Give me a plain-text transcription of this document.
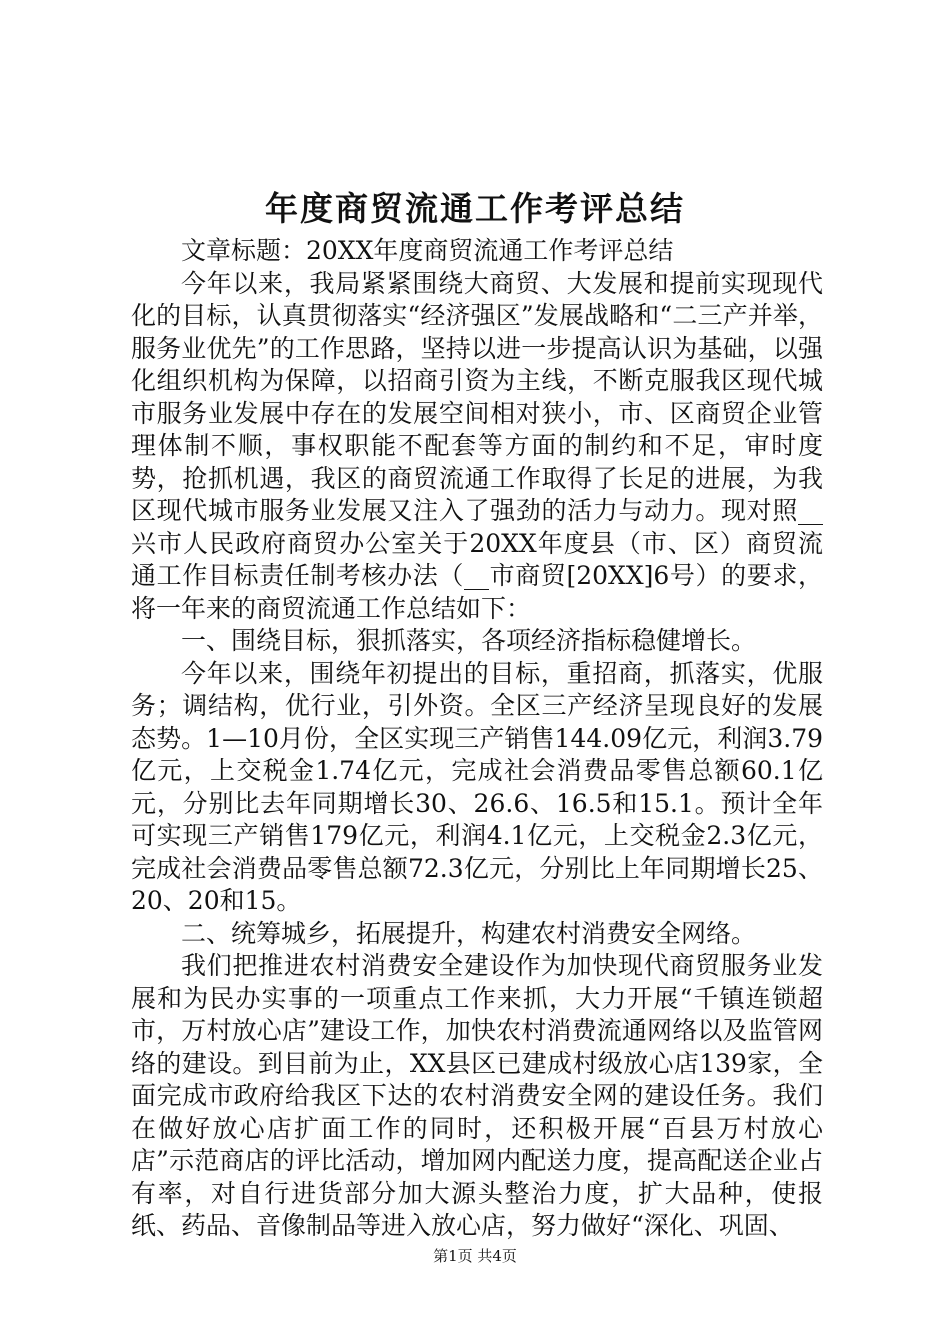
年度商贸流通工作考评总结

文章标题：20XX年度商贸流通工作考评总结

今年以来，我局紧紧围绕大商贸、大发展和提前实现现代化的目标，认真贯彻落实“经济强区”发展战略和“二三产并举，服务业优先”的工作思路，坚持以进一步提高认识为基础，以强化组织机构为保障，以招商引资为主线，不断克服我区现代城市服务业发展中存在的发展空间相对狭小，市、区商贸企业管理体制不顺，事权职能不配套等方面的制约和不足，审时度势，抢抓机遇，我区的商贸流通工作取得了长足的进展，为我区现代城市服务业发展又注入了强劲的活力与动力。现对照__兴市人民政府商贸办公室关于20XX年度县（市、区）商贸流通工作目标责任制考核办法（__市商贸[20XX]6号）的要求，将一年来的商贸流通工作总结如下：

一、围绕目标，狠抓落实，各项经济指标稳健增长。

今年以来，围绕年初提出的目标，重招商，抓落实，优服务；调结构，优行业，引外资。全区三产经济呈现良好的发展态势。1—10月份，全区实现三产销售144.09亿元，利润3.79亿元，上交税金1.74亿元，完成社会消费品零售总额60.1亿元，分别比去年同期增长30、26.6、16.5和15.1。预计全年可实现三产销售179亿元，利润4.1亿元，上交税金2.3亿元，完成社会消费品零售总额72.3亿元，分别比上年同期增长25、20、20和15。

二、统筹城乡，拓展提升，构建农村消费安全网络。

我们把推进农村消费安全建设作为加快现代商贸服务业发展和为民办实事的一项重点工作来抓，大力开展“千镇连锁超市，万村放心店”建设工作，加快农村消费流通网络以及监管网络的建设。到目前为止，XX县区已建成村级放心店139家，全面完成市政府给我区下达的农村消费安全网的建设任务。我们在做好放心店扩面工作的同时，还积极开展“百县万村放心店”示范商店的评比活动，增加网内配送力度，提高配送企业占有率，对自行进货部分加大源头整治力度，扩大品种，使报纸、药品、音像制品等进入放心店，努力做好“深化、巩固、

第1页 共4页
